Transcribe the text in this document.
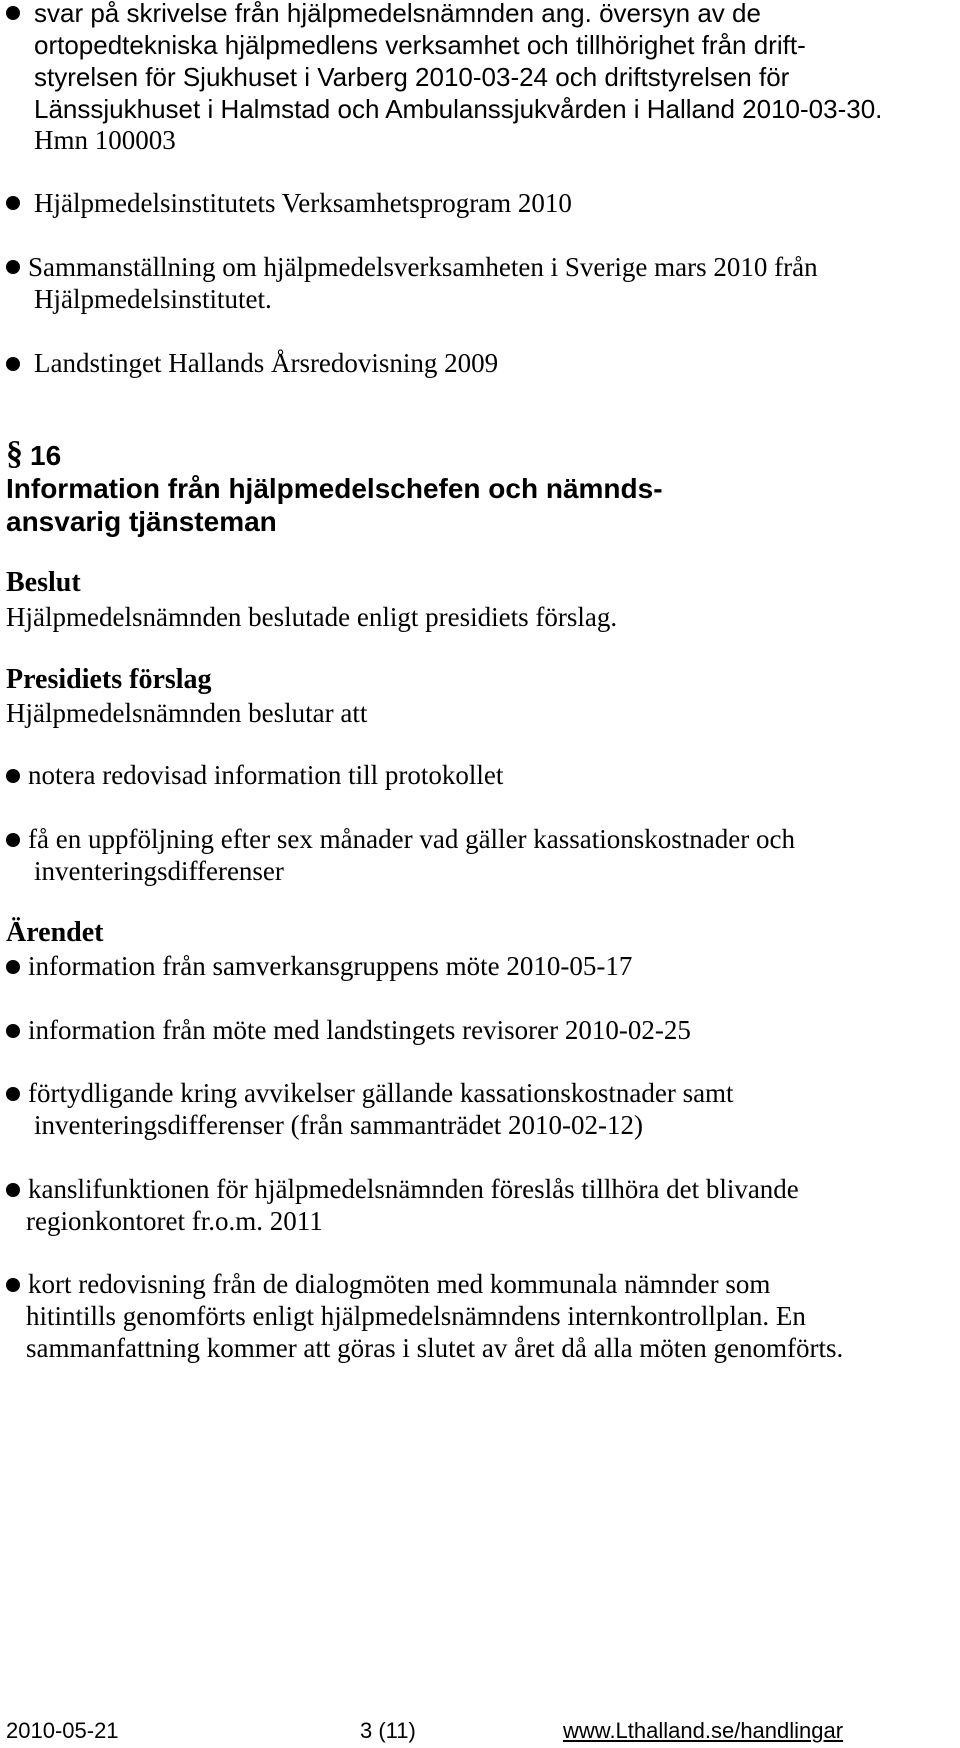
svar på skrivelse från hjälpmedelsnämnden ang. översyn av de
ortopedtekniska hjälpmedlens verksamhet och tillhörighet från drift-
styrelsen för Sjukhuset i Varberg 2010-03-24 och driftstyrelsen för
Länssjukhuset i Halmstad och Ambulanssjukvården i Halland 2010-03-30.
Hmn 100003
Hjälpmedelsinstitutets Verksamhetsprogram 2010
Sammanställning om hjälpmedelsverksamheten i Sverige mars 2010 från
Hjälpmedelsinstitutet.
Landstinget Hallands Årsredovisning 2009
§ 16
Information från hjälpmedelschefen och nämnds-
ansvarig tjänsteman
Beslut
Hjälpmedelsnämnden beslutade enligt presidiets förslag.
Presidiets förslag
Hjälpmedelsnämnden beslutar att
notera redovisad information till protokollet
få en uppföljning efter sex månader vad gäller kassationskostnader och
inventeringsdifferenser
Ärendet
information från samverkansgruppens möte 2010-05-17
information från möte med landstingets revisorer 2010-02-25
förtydligande kring avvikelser gällande kassationskostnader samt
inventeringsdifferenser (från sammanträdet 2010-02-12)
kanslifunktionen för hjälpmedelsnämnden föreslås tillhöra det blivande
regionkontoret fr.o.m. 2011
kort redovisning från de dialogmöten med kommunala nämnder som
hitintills genomförts enligt hjälpmedelsnämndens internkontrollplan. En
sammanfattning kommer att göras i slutet av året då alla möten genomförts.
2010-05-21	3 (11)	www.Lthalland.se/handlingar
